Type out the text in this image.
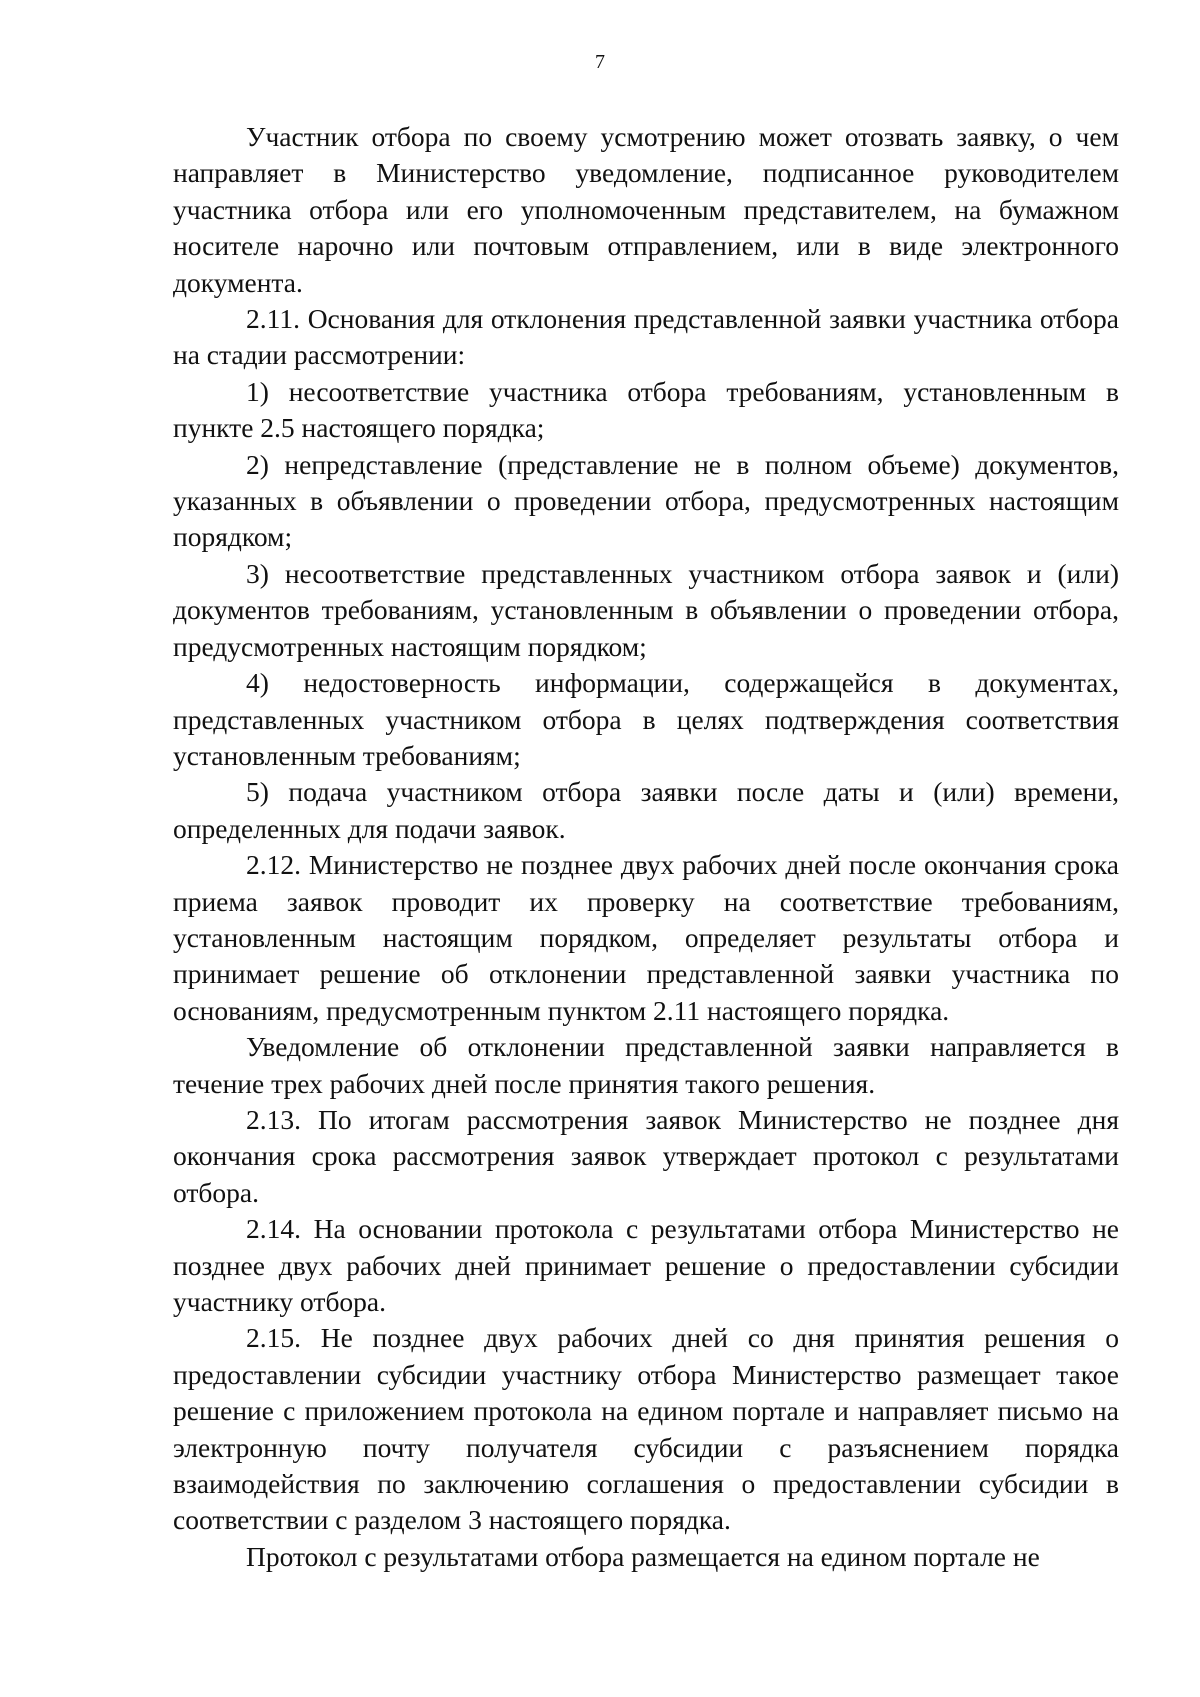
7

Участник отбора по своему усмотрению может отозвать заявку, о чем направляет в Министерство уведомление, подписанное руководителем участника отбора или его уполномоченным представителем, на бумажном носителе нарочно или почтовым отправлением, или в виде электронного документа.

2.11. Основания для отклонения представленной заявки участника отбора на стадии рассмотрении:

1) несоответствие участника отбора требованиям, установленным в пункте 2.5 настоящего порядка;

2) непредставление (представление не в полном объеме) документов, указанных в объявлении о проведении отбора, предусмотренных настоящим порядком;

3) несоответствие представленных участником отбора заявок и (или) документов требованиям, установленным в объявлении о проведении отбора, предусмотренных настоящим порядком;

4) недостоверность информации, содержащейся в документах, представленных участником отбора в целях подтверждения соответствия установленным требованиям;

5) подача участником отбора заявки после даты и (или) времени, определенных для подачи заявок.

2.12. Министерство не позднее двух рабочих дней после окончания срока приема заявок проводит их проверку на соответствие требованиям, установленным настоящим порядком, определяет результаты отбора и принимает решение об отклонении представленной заявки участника по основаниям, предусмотренным пунктом 2.11 настоящего порядка.

Уведомление об отклонении представленной заявки направляется в течение трех рабочих дней после принятия такого решения.

2.13. По итогам рассмотрения заявок Министерство не позднее дня окончания срока рассмотрения заявок утверждает протокол с результатами отбора.

2.14. На основании протокола с результатами отбора Министерство не позднее двух рабочих дней принимает решение о предоставлении субсидии участнику отбора.

2.15. Не позднее двух рабочих дней со дня принятия решения о предоставлении субсидии участнику отбора Министерство размещает такое решение с приложением протокола на едином портале и направляет письмо на электронную почту получателя субсидии с разъяснением порядка взаимодействия по заключению соглашения о предоставлении субсидии в соответствии с разделом 3 настоящего порядка.

Протокол с результатами отбора размещается на едином портале не
